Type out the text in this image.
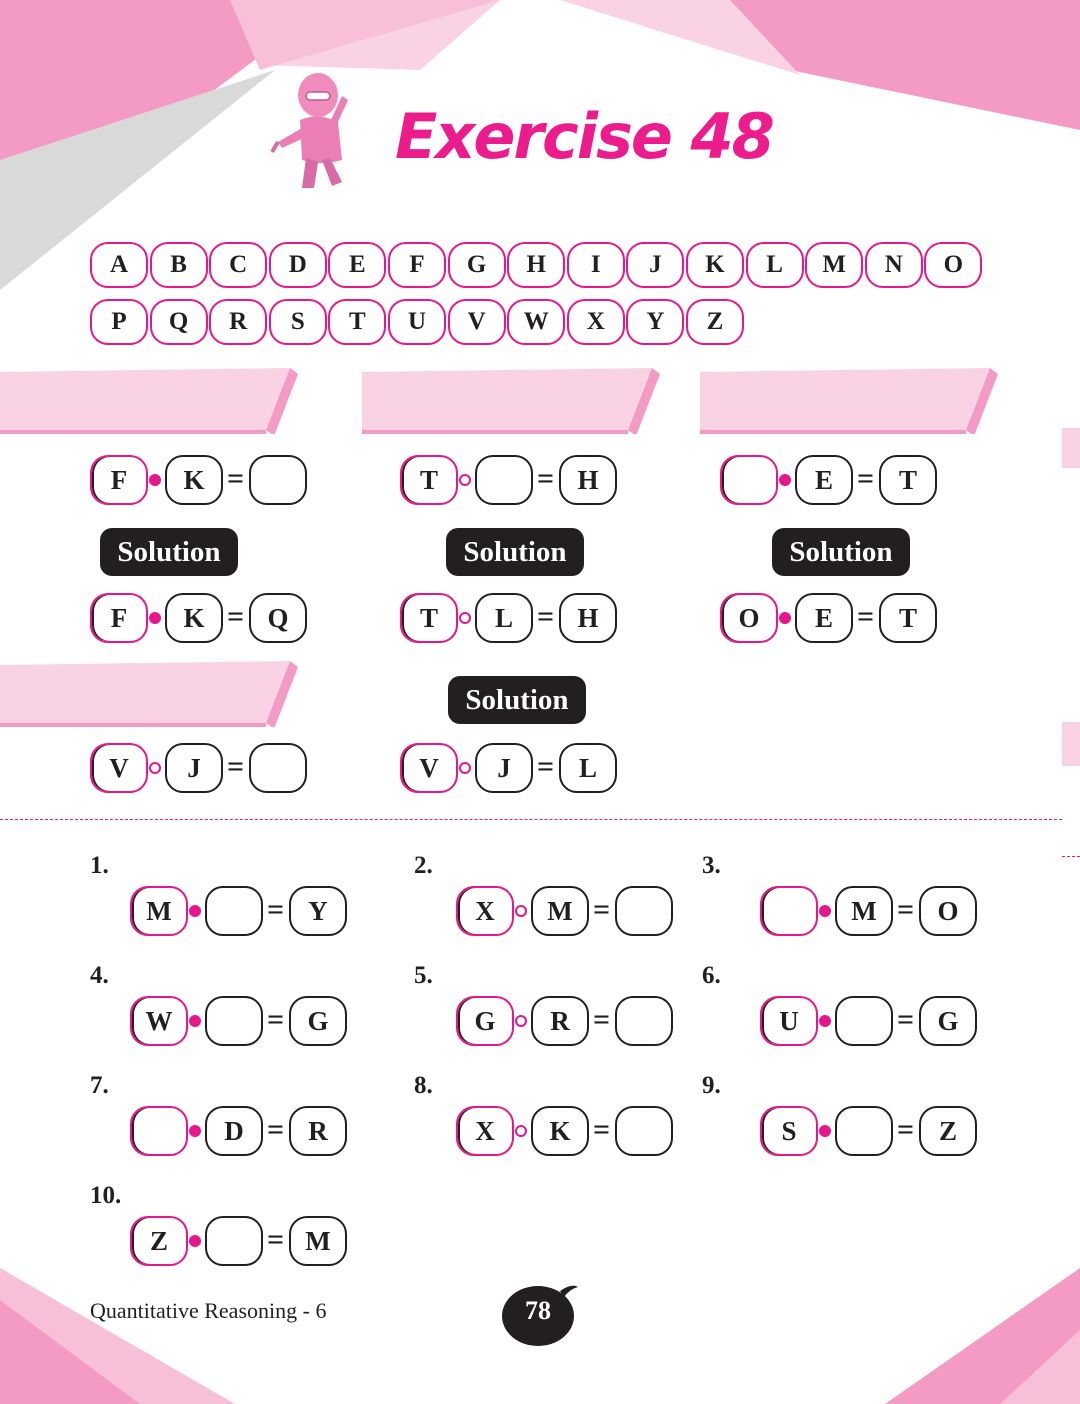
Exercise 48
A B C D E F G H I J K L M N O
P Q R S T U V W X Y Z
F	K =
Solution
F	K = Q
T	= H
Solution
T	L = H
E = T
Solution
O	E = T
V	J =
Solution
V	J = L
1.
M	= Y
2.
X	M =
3.
M = O
4.
W	= G
5.
G	R =
6.
U	= G
7.
D = R
8.
X	K =
9.
S	= Z
10.
Z	= M
Quantitative Reasoning - 6	78
